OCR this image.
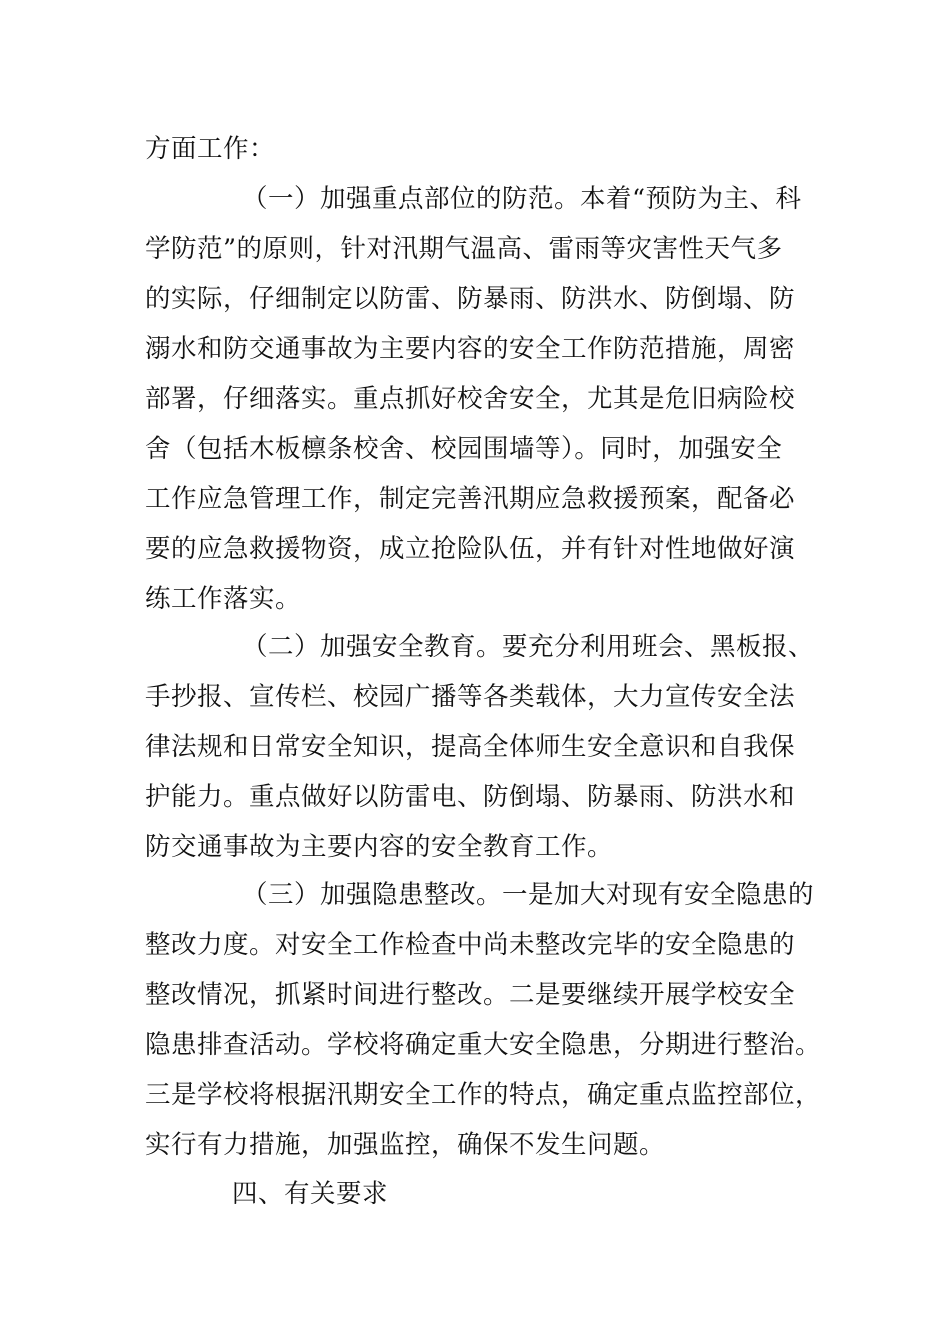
方面工作：
（一）加强重点部位的防范。本着“预防为主、科
学防范”的原则，针对汛期气温高、雷雨等灾害性天气多
的实际，仔细制定以防雷、防暴雨、防洪水、防倒塌、防
溺水和防交通事故为主要内容的安全工作防范措施，周密
部署，仔细落实。重点抓好校舍安全，尤其是危旧病险校
舍（包括木板檩条校舍、校园围墙等）。同时，加强安全
工作应急管理工作，制定完善汛期应急救援预案，配备必
要的应急救援物资，成立抢险队伍，并有针对性地做好演
练工作落实。
（二）加强安全教育。要充分利用班会、黑板报、
手抄报、宣传栏、校园广播等各类载体，大力宣传安全法
律法规和日常安全知识，提高全体师生安全意识和自我保
护能力。重点做好以防雷电、防倒塌、防暴雨、防洪水和
防交通事故为主要内容的安全教育工作。
（三）加强隐患整改。一是加大对现有安全隐患的
整改力度。对安全工作检查中尚未整改完毕的安全隐患的
整改情况，抓紧时间进行整改。二是要继续开展学校安全
隐患排查活动。学校将确定重大安全隐患，分期进行整治。
三是学校将根据汛期安全工作的特点，确定重点监控部位，
实行有力措施，加强监控，确保不发生问题。
四、有关要求
